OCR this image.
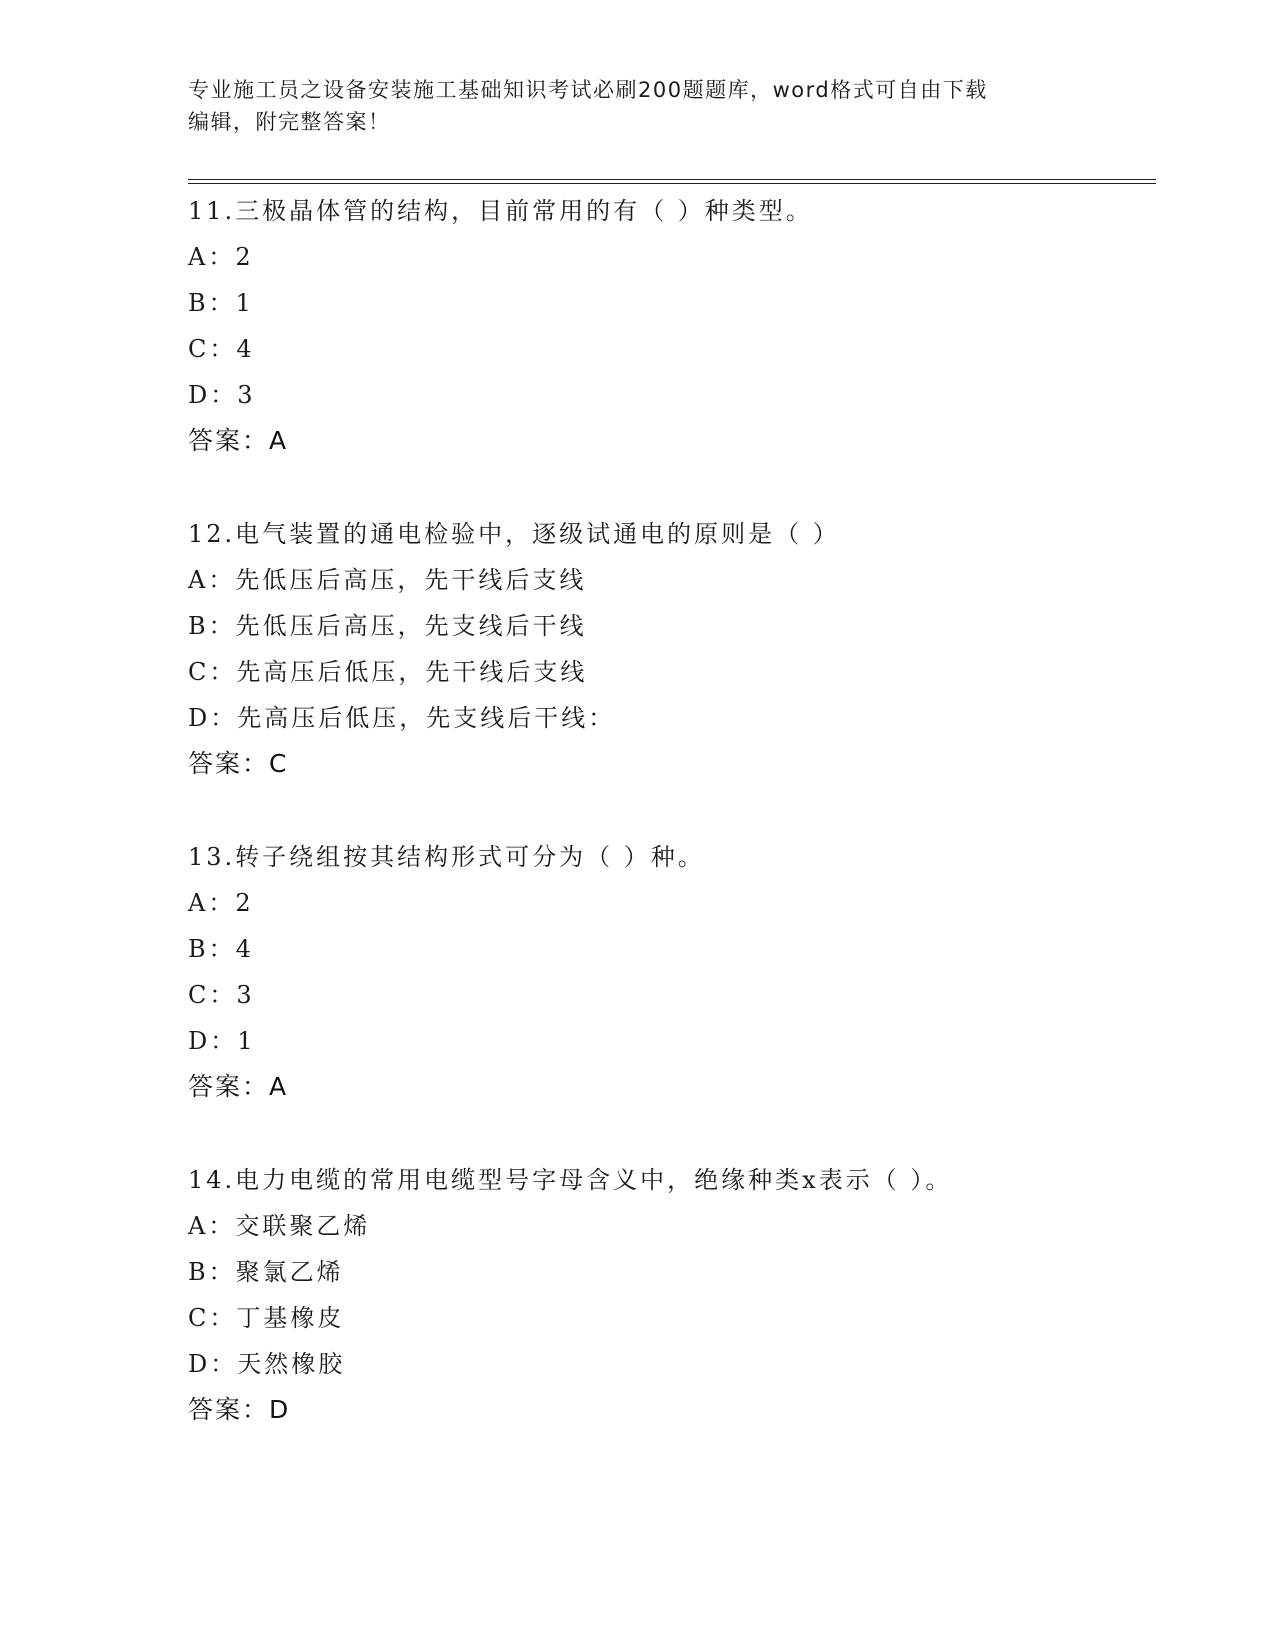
专业施工员之设备安装施工基础知识考试必刷200题题库，word格式可自由下载
编辑，附完整答案！
11.三极晶体管的结构，目前常用的有（ ）种类型。
A：2
B：1
C：4
D：3
答案：A
12.电气装置的通电检验中，逐级试通电的原则是（ ）
A：先低压后高压，先干线后支线
B：先低压后高压，先支线后干线
C：先高压后低压，先干线后支线
D：先高压后低压，先支线后干线：
答案：C
13.转子绕组按其结构形式可分为（ ）种。
A：2
B：4
C：3
D：1
答案：A
14.电力电缆的常用电缆型号字母含义中，绝缘种类x表示（ ）。
A：交联聚乙烯
B：聚氯乙烯
C：丁基橡皮
D：天然橡胶
答案：D
